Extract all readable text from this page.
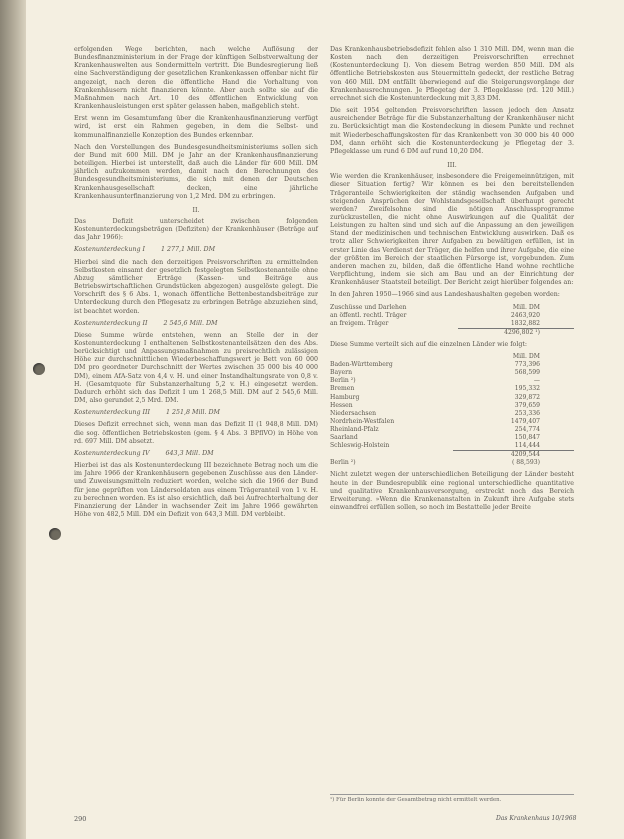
erfolgenden Wege berichten, nach welche Auflösung der Bundesfinanzministerium in der Frage der künftigen Selbstverwaltung der Krankenhauswelten aus Sondermitteln vertritt. Die Bundesregierung ließ eine Sachverständigung der gesetzlichen Krankenkassen offenbar nicht für angezeigt, nach deren die öffentliche Hand die Vorhaltung von Krankenhäusern nicht finanzieren könnte. Aber auch sollte sie auf die Maßnahmen nach Art. 10 des öffentlichen Entwicklung von Krankenhausleistungen erst später gelassen haben, maßgeblich steht.

Erst wenn im Gesamtumfang über die Krankenhausfinanzierung verfügt wird, ist erst ein Rahmen gegeben, in dem die Selbst- und kommunalfinanzielle Konzeption des Bundes erkennbar.

Nach den Vorstellungen des Bundesgesundheitsministeriums sollen sich der Bund mit 600 Mill. DM je Jahr an der Krankenhausfinanzierung beteiligen. Hierbei ist unterstellt, daß auch die Länder für 600 Mill. DM jährlich aufzukommen werden, damit nach den Berechnungen des Bundesgesundheitsministeriums, die sich mit denen der Deutschen Krankenhausgesellschaft decken, eine jährliche Krankenhausunterfinanzierung von 1,2 Mrd. DM zu erbringen.

II.

Das Defizit unterscheidet zwischen folgenden Kostenunterdeckungsbeträgen (Defiziten) der Krankenhäuser (Beträge auf das Jahr 1966):

Kostenunterdeckung I	1 277,1 Mill. DM

Hierbei sind die nach den derzeitigen Preisvorschriften zu ermittelnden Selbstkosten einsamt der gesetzlich festgelegten Selbstkostenanteile ohne Abzug sämtlicher Erträge (Kassen- und Beiträge aus Betriebswirtschaftlichen Grundstücken abgezogen) ausgelöste gelegt. Die Vorschrift des § 6 Abs. 1, wonach öffentliche Bettenbestandsbeiträge zur Unterdeckung durch den Pflegesatz zu erbringen Beträge abzuziehen sind, ist beachtet worden.

Kostenunterdeckung II	2 545,6 Mill. DM

Diese Summe würde entstehen, wenn an Stelle der in der Kostenunterdeckung I enthaltenen Selbstkostenanteilsätzen den des Abs. berücksichtigt und Anpassungsmaßnahmen zu preisrechtlich zulässigen Höhe zur durchschnittlichen Wiederbeschaffungswert je Bett von 60 000 DM pro geordneter Durchschnitt der Wertes zwischen 35 000 bis 40 000 DM), einem AfA-Satz von 4,4 v. H. und einer Instandhaltungsrate von 0,8 v. H. (Gesamtquote für Substanzerhaltung 5,2 v. H.) eingesetzt werden. Dadurch erhöht sich das Defizit I um 1 268,5 Mill. DM auf 2 545,6 Mill. DM, also gerundet 2,5 Mrd. DM.

Kostenunterdeckung III	1 251,8 Mill. DM

Dieses Defizit errechnet sich, wenn man das Defizit II (1 948,8 Mill. DM) die sog. öffentlichen Betriebskosten (gem. § 4 Abs. 3 BPflVO) in Höhe von rd. 697 Mill. DM absetzt.

Kostenunterdeckung IV	643,3 Mill. DM

Hierbei ist das als Kostenunterdeckung III bezeichnete Betrag noch um die im Jahre 1966 der Krankenhäusern gegebenen Zuschüsse aus den Länder- und Zuweisungsmitteln reduziert worden, welche sich die 1966 der Bund für jene geprüften von Ländersoldaten aus einem Trägeranteil von 1 v. H. zu berechnen worden. Es ist also ersichtlich, daß bei Aufrechterhaltung der Finanzierung der Länder in wachsender Zeit im Jahre 1966 gewährten Höhe von 482,5 Mill. DM ein Defizit von 643,3 Mill. DM verbleibt.

Das Krankenhausbetriebsdefizit fehlen also 1 310 Mill. DM, wenn man die Kosten nach den derzeitigen Preisvorschriften errechnet (Kostenunterdeckung I). Von diesem Betrag werden 850 Mill. DM als öffentliche Betriebskosten aus Steuermitteln gedeckt, der restliche Betrag von 460 Mill. DM entfällt überwiegend auf die Steigerungsvorgänge der Krankenhausrechnungen. Je Pflegetag der 3. Pflegeklasse (rd. 120 Mill.) errechnet sich die Kostenunterdeckung mit 3,83 DM.

Die seit 1954 geltenden Preisvorschriften lassen jedoch den Ansatz ausreichender Beträge für die Substanzerhaltung der Krankenhäuser nicht zu. Berücksichtigt man die Kostendeckung in diesem Punkte und rechnet mit Wiederbeschaffungskosten für das Krankenbett von 30 000 bis 40 000 DM, dann erhöht sich die Kostenunterdeckung je Pflegetag der 3. Pflegeklasse um rund 6 DM auf rund 10,20 DM.

III.

Wie werden die Krankenhäuser, insbesondere die Freigemeinnützigen, mit dieser Situation fertig? Wir können es bei den bereitstellenden Trägeranteile Schwierigkeiten der ständig wachsenden Aufgaben und steigenden Ansprüchen der Wohlstandsgesellschaft überhaupt gerecht werden? Zweifelsohne sind die nötigen Anschlussprogramme zurückzustellen, die nicht ohne Auswirkungen auf die Qualität der Leistungen zu halten sind und sich auf die Anpassung an den jeweiligen Stand der medizinischen und technischen Entwicklung auswirken. Daß es trotz aller Schwierigkeiten ihrer Aufgaben zu bewältigen erfüllen, ist in erster Linie das Verdienst der Träger, die helfen und ihrer Aufgabe, die eine der größten im Bereich der staatlichen Fürsorge ist, vorgebunden. Zum anderen machen zu, bilden, daß die öffentliche Hand wohne rechtliche Verpflichtung, indem sie sich am Bau und an der Einrichtung der Krankenhäuser Staatsteil beteiligt. Der Bericht zeigt hierüber folgendes an:

In den Jahren 1950—1966 sind aus Landeshaushalten gegeben worden:

Zuschüsse und Darlehen	Mill. DM
an öffentl. rechtl. Träger	2463,920
an freigem. Träger	1832,882
	4296,802 ¹)

Diese Summe verteilt sich auf die einzelnen Länder wie folgt:

	Mill. DM
Baden-Württemberg	773,396
Bayern	568,599
Berlin ²)	—
Bremen	195,332
Hamburg	329,872
Hessen	379,659
Niedersachsen	253,336
Nordrhein-Westfalen	1479,407
Rheinland-Pfalz	254,774
Saarland	150,847
Schleswig-Holstein	114,444
	4209,544
Berlin ²)	( 88,593)

Nicht zuletzt wegen der unterschiedlichen Beteiligung der Länder besteht heute in der Bundesrepublik eine regional unterschiedliche quantitative und qualitative Krankenhausversorgung, erstreckt noch das Bereich Erweiterung. »Wenn die Krankenanstalten in Zukunft ihre Aufgabe stets einwandfrei erfüllen sollen, so noch im Bestattelle jeder Breite

¹) Für Berlin konnte der Gesamtbetrag nicht ermittelt werden.
290	Das Krankenhaus 10/1968
